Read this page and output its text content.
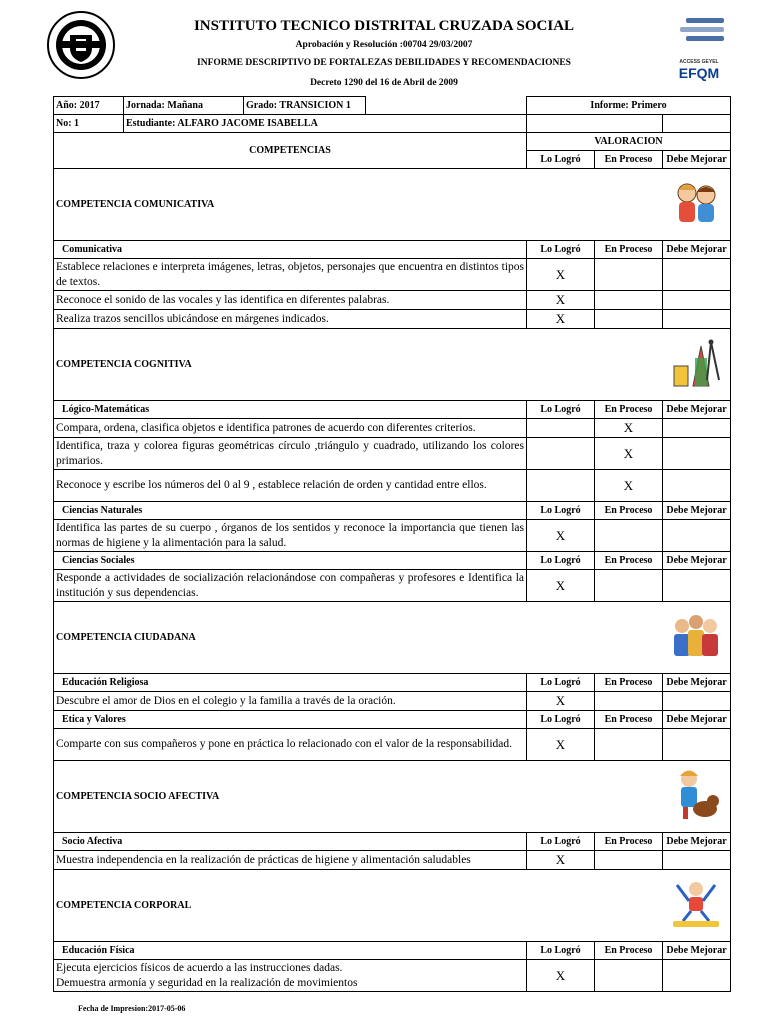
INSTITUTO TECNICO DISTRITAL CRUZADA SOCIAL
Aprobación y Resolución :00704 29/03/2007
INFORME DESCRIPTIVO DE FORTALEZAS DEBILIDADES Y RECOMENDACIONES
Decreto 1290 del 16 de Abril de 2009
ACCESS GEYEL
EFQM
Año: 2017	Jornada: Mañana	Grado: TRANSICION 1		Informe: Primero		
No: 1	Estudiante: ALFARO JACOME ISABELLA					
COMPETENCIAS				VALORACION		
				Lo Logró	En Proceso	Debe Mejorar
COMPETENCIA COMUNICATIVA	
Comunicativa				Lo Logró	En Proceso	Debe Mejorar
Establece relaciones e interpreta imágenes, letras, objetos, personajes que encuentra en distintos tipos de textos.				X		
Reconoce el sonido de las vocales y las identifica en diferentes palabras.				X		
Realiza trazos sencillos ubicándose en márgenes indicados.				X		
COMPETENCIA COGNITIVA	
Lógico-Matemáticas				Lo Logró	En Proceso	Debe Mejorar
Compara, ordena, clasifica objetos e identifica patrones de acuerdo con diferentes criterios.					X	
Identifica, traza y colorea figuras geométricas círculo ,triángulo y cuadrado, utilizando los colores primarios.					X	
Reconoce y escribe los números del 0 al 9 , establece relación de orden y cantidad entre ellos.					X	
Ciencias Naturales				Lo Logró	En Proceso	Debe Mejorar
Identifica las partes de su cuerpo , órganos de los sentidos y reconoce la importancia que tienen las normas de higiene y la alimentación para la salud.				X		
Ciencias Sociales				Lo Logró	En Proceso	Debe Mejorar
Responde a actividades de socialización relacionándose con compañeras y profesores e Identifica la institución y sus dependencias.				X		
COMPETENCIA CIUDADANA	
Educación Religiosa				Lo Logró	En Proceso	Debe Mejorar
Descubre el amor de Dios en el colegio y la familia a través de la oración.				X		
Etica y Valores				Lo Logró	En Proceso	Debe Mejorar
Comparte con sus compañeros y pone en práctica lo relacionado con el valor de la responsabilidad.				X		
COMPETENCIA SOCIO AFECTIVA	
Socio Afectiva				Lo Logró	En Proceso	Debe Mejorar
Muestra independencia en la realización de prácticas de higiene y alimentación saludables				X		
COMPETENCIA CORPORAL	
Educación Física				Lo Logró	En Proceso	Debe Mejorar
Ejecuta ejercicios físicos de acuerdo a las instrucciones dadas.
Demuestra armonía y seguridad en la realización de movimientos				X		
Fecha de Impresion:2017-05-06
